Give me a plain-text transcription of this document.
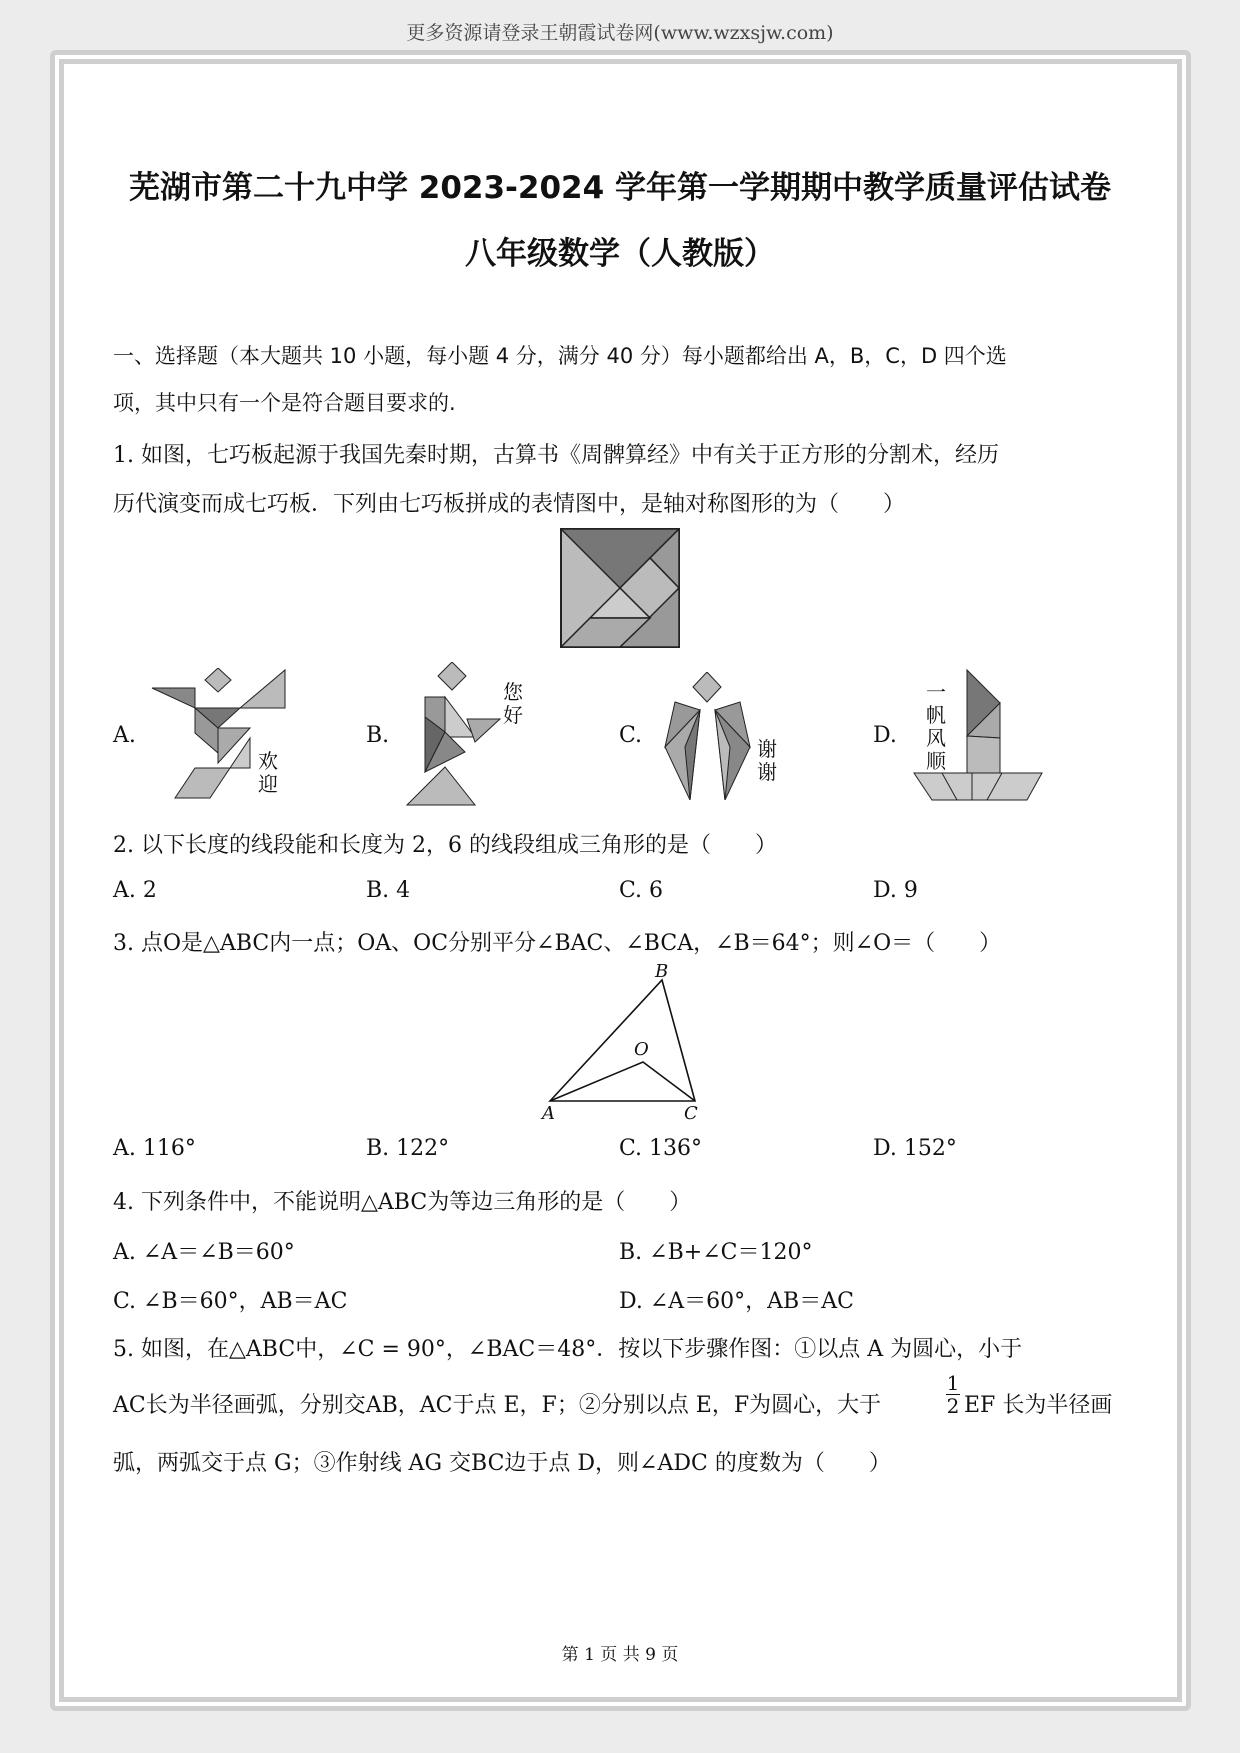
更多资源请登录王朝霞试卷网(www.wzxsjw.com)
芜湖市第二十九中学 2023-2024 学年第一学期期中教学质量评估试卷
八年级数学（人教版）
一、选择题（本大题共 10 小题，每小题 4 分，满分 40 分）每小题都给出 A，B，C，D 四个选
项，其中只有一个是符合题目要求的.
1. 如图，七巧板起源于我国先秦时期，古算书《周髀算经》中有关于正方形的分割术，经历
历代演变而成七巧板．下列由七巧板拼成的表情图中，是轴对称图形的为（　　）
A.	B.	C.	D.
欢
迎
您
好
谢
谢
一
帆
风
顺
2. 以下长度的线段能和长度为 2，6 的线段组成三角形的是（　　）
A. 2	B. 4	C. 6	D. 9
3. 点O是△ABC内一点；OA、OC分别平分∠BAC、∠BCA，∠B＝64°；则∠O＝（　　）
B
O
A	C
A. 116°	B. 122°	C. 136°	D. 152°
4. 下列条件中，不能说明△ABC为等边三角形的是（　　）
A. ∠A＝∠B＝60°	B. ∠B+∠C＝120°
C. ∠B＝60°，AB＝AC	D. ∠A＝60°，AB＝AC
5. 如图，在△ABC中，∠C = 90°，∠BAC＝48°．按以下步骤作图：①以点 A 为圆心，小于
AC长为半径画弧，分别交AB，AC于点 E，F；②分别以点 E，F为圆心，大于	$\frac{1}{2}$ EF 长为半径画
弧，两弧交于点 G；③作射线 AG 交BC边于点 D，则∠ADC 的度数为（　　）
第 1 页 共 9 页
